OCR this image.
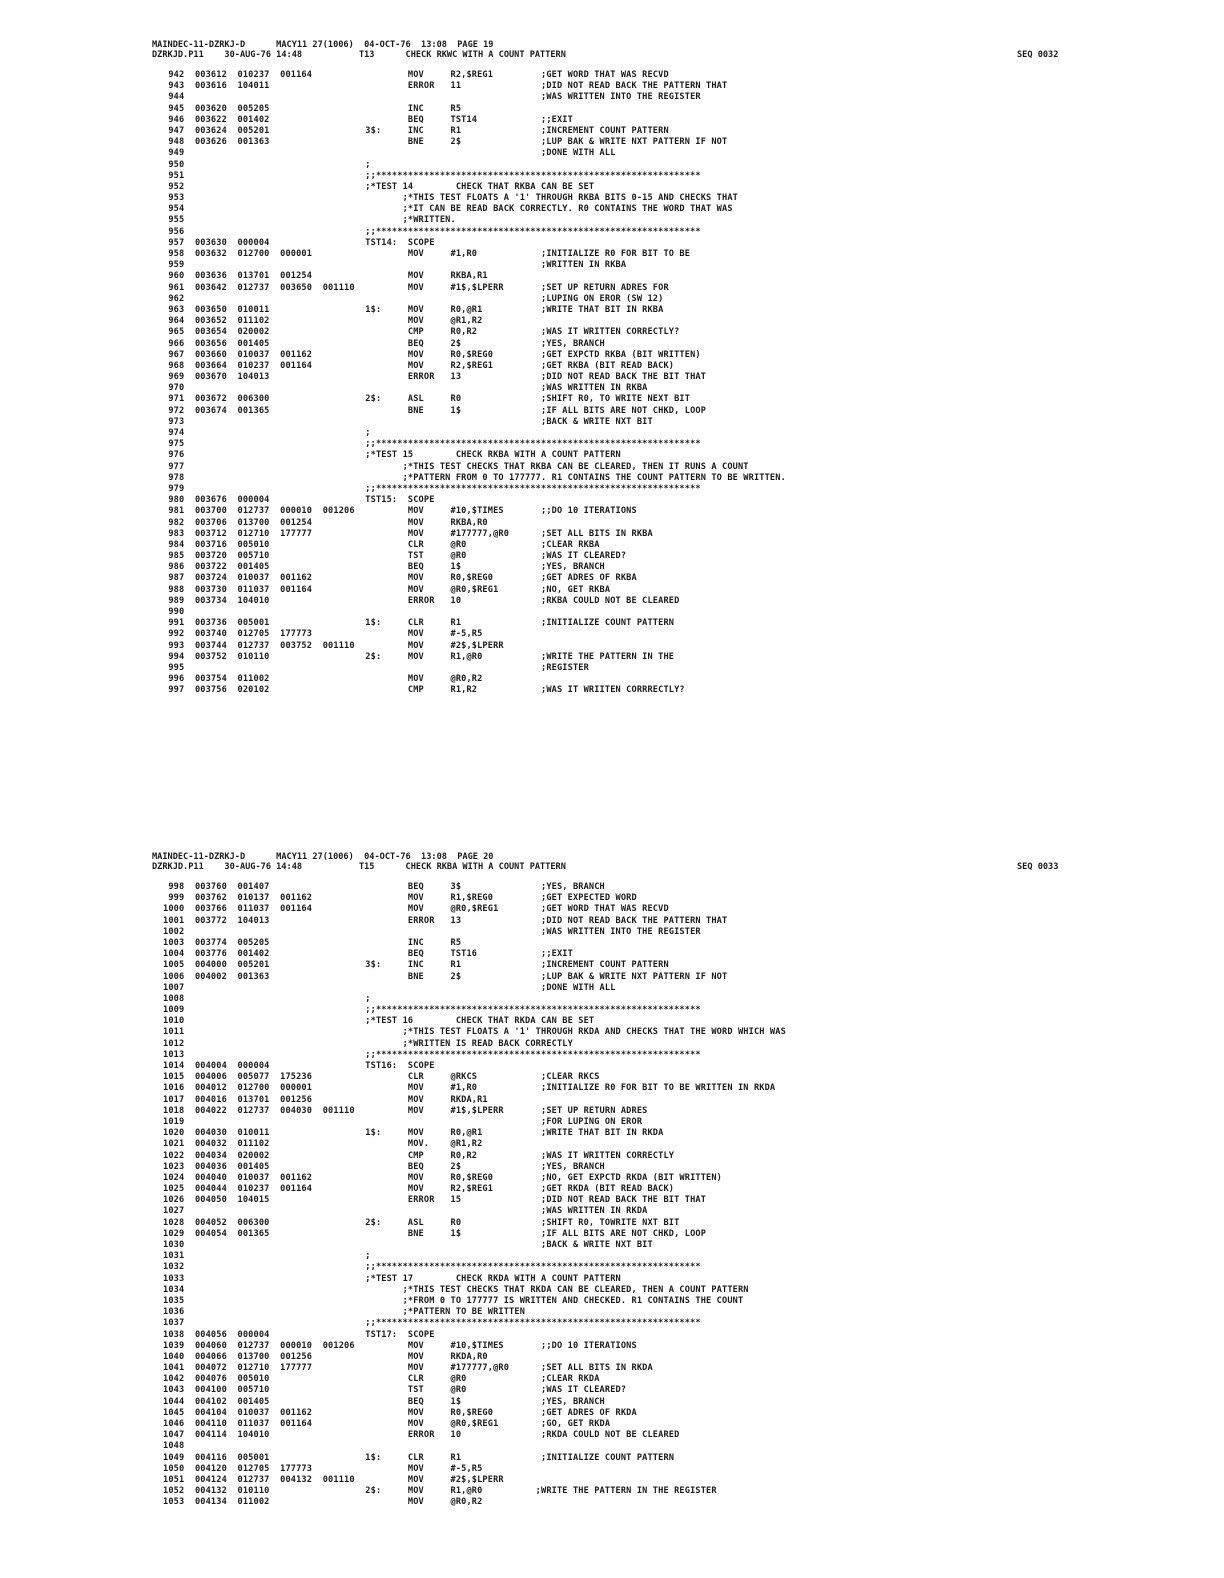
MAINDEC-11-DZRKJ-D      MACY11 27(1006)  04-OCT-76  13:08  PAGE 19

DZRKJD.P11    30-AUG-76 14:48           T13      CHECK RKWC WITH A COUNT PATTERN

	SEQ 0032

942  003612  010237  001164                  MOV     R2,$REG1         ;GET WORD THAT WAS RECVD
943  003616  104011                          ERROR   11               ;DID NOT READ BACK THE PATTERN THAT
944                                                                   ;WAS WRITTEN INTO THE REGISTER
945  003620  005205                          INC     R5
946  003622  001402                          BEQ     TST14            ;;EXIT
947  003624  005201                  3$:     INC     R1               ;INCREMENT COUNT PATTERN
948  003626  001363                          BNE     2$               ;LUP BAK & WRITE NXT PATTERN IF NOT
949                                                                   ;DONE WITH ALL
950                                  ;
951                                  ;;*************************************************************
952                                  ;*TEST 14        CHECK THAT RKBA CAN BE SET
953                                         ;*THIS TEST FLOATS A '1' THROUGH RKBA BITS 0-15 AND CHECKS THAT
954                                         ;*IT CAN BE READ BACK CORRECTLY. R0 CONTAINS THE WORD THAT WAS
955                                         ;*WRITTEN.
956                                  ;;*************************************************************
957  003630  000004                  TST14:  SCOPE
958  003632  012700  000001                  MOV     #1,R0            ;INITIALIZE R0 FOR BIT TO BE
959                                                                   ;WRITTEN IN RKBA
960  003636  013701  001254                  MOV     RKBA,R1
961  003642  012737  003650  001110          MOV     #1$,$LPERR       ;SET UP RETURN ADRES FOR
962                                                                   ;LUPING ON EROR (SW 12)
963  003650  010011                  1$:     MOV     R0,@R1           ;WRITE THAT BIT IN RKBA
964  003652  011102                          MOV     @R1,R2
965  003654  020002                          CMP     R0,R2            ;WAS IT WRITTEN CORRECTLY?
966  003656  001405                          BEQ     2$               ;YES, BRANCH
967  003660  010037  001162                  MOV     R0,$REG0         ;GET EXPCTD RKBA (BIT WRITTEN)
968  003664  010237  001164                  MOV     R2,$REG1         ;GET RKBA (BIT READ BACK)
969  003670  104013                          ERROR   13               ;DID NOT READ BACK THE BIT THAT
970                                                                   ;WAS WRITTEN IN RKBA
971  003672  006300                  2$:     ASL     R0               ;SHIFT R0, TO WRITE NEXT BIT
972  003674  001365                          BNE     1$               ;IF ALL BITS ARE NOT CHKD, LOOP
973                                                                   ;BACK & WRITE NXT BIT
974                                  ;
975                                  ;;*************************************************************
976                                  ;*TEST 15        CHECK RKBA WITH A COUNT PATTERN
977                                         ;*THIS TEST CHECKS THAT RKBA CAN BE CLEARED, THEN IT RUNS A COUNT
978                                         ;*PATTERN FROM 0 TO 177777. R1 CONTAINS THE COUNT PATTERN TO BE WRITTEN.
979                                  ;;*************************************************************
980  003676  000004                  TST15:  SCOPE
981  003700  012737  000010  001206          MOV     #10,$TIMES       ;;DO 10 ITERATIONS
982  003706  013700  001254                  MOV     RKBA,R0
983  003712  012710  177777                  MOV     #177777,@R0      ;SET ALL BITS IN RKBA
984  003716  005010                          CLR     @R0              ;CLEAR RKBA
985  003720  005710                          TST     @R0              ;WAS IT CLEARED?
986  003722  001405                          BEQ     1$               ;YES, BRANCH
987  003724  010037  001162                  MOV     R0,$REG0         ;GET ADRES OF RKBA
988  003730  011037  001164                  MOV     @R0,$REG1        ;NO, GET RKBA
989  003734  104010                          ERROR   10               ;RKBA COULD NOT BE CLEARED
990
991  003736  005001                  1$:     CLR     R1               ;INITIALIZE COUNT PATTERN
992  003740  012705  177773                  MOV     #-5,R5
993  003744  012737  003752  001110          MOV     #2$,$LPERR
994  003752  010110                  2$:     MOV     R1,@R0           ;WRITE THE PATTERN IN THE
995                                                                   ;REGISTER
996  003754  011002                          MOV     @R0,R2
997  003756  020102                          CMP     R1,R2            ;WAS IT WRIITEN CORRRECTLY?

MAINDEC-11-DZRKJ-D      MACY11 27(1006)  04-OCT-76  13:08  PAGE 20

DZRKJD.P11    30-AUG-76 14:48           T15      CHECK RKBA WITH A COUNT PATTERN

	SEQ 0033

998  003760  001407                          BEQ     3$               ;YES, BRANCH
999  003762  010137  001162                  MOV     R1,$REG0         ;GET EXPECTED WORD
1000  003766  011037  001164                  MOV     @R0,$REG1        ;GET WORD THAT WAS RECVD
1001  003772  104013                          ERROR   13               ;DID NOT READ BACK THE PATTERN THAT
1002                                                                   ;WAS WRITTEN INTO THE REGISTER
1003  003774  005205                          INC     R5
1004  003776  001402                          BEQ     TST16            ;;EXIT
1005  004000  005201                  3$:     INC     R1               ;INCREMENT COUNT PATTERN
1006  004002  001363                          BNE     2$               ;LUP BAK & WRITE NXT PATTERN IF NOT
1007                                                                   ;DONE WITH ALL
1008                                  ;
1009                                  ;;*************************************************************
1010                                  ;*TEST 16        CHECK THAT RKDA CAN BE SET
1011                                         ;*THIS TEST FLOATS A '1' THROUGH RKDA AND CHECKS THAT THE WORD WHICH WAS
1012                                         ;*WRITTEN IS READ BACK CORRECTLY
1013                                  ;;*************************************************************
1014  004004  000004                  TST16:  SCOPE
1015  004006  005077  175236                  CLR     @RKCS            ;CLEAR RKCS
1016  004012  012700  000001                  MOV     #1,R0            ;INITIALIZE R0 FOR BIT TO BE WRITTEN IN RKDA
1017  004016  013701  001256                  MOV     RKDA,R1
1018  004022  012737  004030  001110          MOV     #1$,$LPERR       ;SET UP RETURN ADRES
1019                                                                   ;FOR LUPING ON EROR
1020  004030  010011                  1$:     MOV     R0,@R1           ;WRITE THAT BIT IN RKDA
1021  004032  011102                          MOV.    @R1,R2
1022  004034  020002                          CMP     R0,R2            ;WAS IT WRITTEN CORRECTLY
1023  004036  001405                          BEQ     2$               ;YES, BRANCH
1024  004040  010037  001162                  MOV     R0,$REG0         ;NO, GET EXPCTD RKDA (BIT WRITTEN)
1025  004044  010237  001164                  MOV     R2,$REG1         ;GET RKDA (BIT READ BACK)
1026  004050  104015                          ERROR   15               ;DID NOT READ BACK THE BIT THAT
1027                                                                   ;WAS WRITTEN IN RKDA
1028  004052  006300                  2$:     ASL     R0               ;SHIFT R0, TOWRITE NXT BIT
1029  004054  001365                          BNE     1$               ;IF ALL BITS ARE NOT CHKD, LOOP
1030                                                                   ;BACK & WRITE NXT BIT
1031                                  ;
1032                                  ;;*************************************************************
1033                                  ;*TEST 17        CHECK RKDA WITH A COUNT PATTERN
1034                                         ;*THIS TEST CHECKS THAT RKDA CAN BE CLEARED, THEN A COUNT PATTERN
1035                                         ;*FROM 0 TO 177777 IS WRITTEN AND CHECKED. R1 CONTAINS THE COUNT
1036                                         ;*PATTERN TO BE WRITTEN
1037                                  ;;*************************************************************
1038  004056  000004                  TST17:  SCOPE
1039  004060  012737  000010  001206          MOV     #10,$TIMES       ;;DO 10 ITERATIONS
1040  004066  013700  001256                  MOV     RKDA,R0
1041  004072  012710  177777                  MOV     #177777,@R0      ;SET ALL BITS IN RKDA
1042  004076  005010                          CLR     @R0              ;CLEAR RKDA
1043  004100  005710                          TST     @R0              ;WAS IT CLEARED?
1044  004102  001405                          BEQ     1$               ;YES, BRANCH
1045  004104  010037  001162                  MOV     R0,$REG0         ;GET ADRES OF RKDA
1046  004110  011037  001164                  MOV     @R0,$REG1        ;GO, GET RKDA
1047  004114  104010                          ERROR   10               ;RKDA COULD NOT BE CLEARED
1048
1049  004116  005001                  1$:     CLR     R1               ;INITIALIZE COUNT PATTERN
1050  004120  012705  177773                  MOV     #-5,R5
1051  004124  012737  004132  001110          MOV     #2$,$LPERR
1052  004132  010110                  2$:     MOV     R1,@R0          ;WRITE THE PATTERN IN THE REGISTER
1053  004134  011002                          MOV     @R0,R2
